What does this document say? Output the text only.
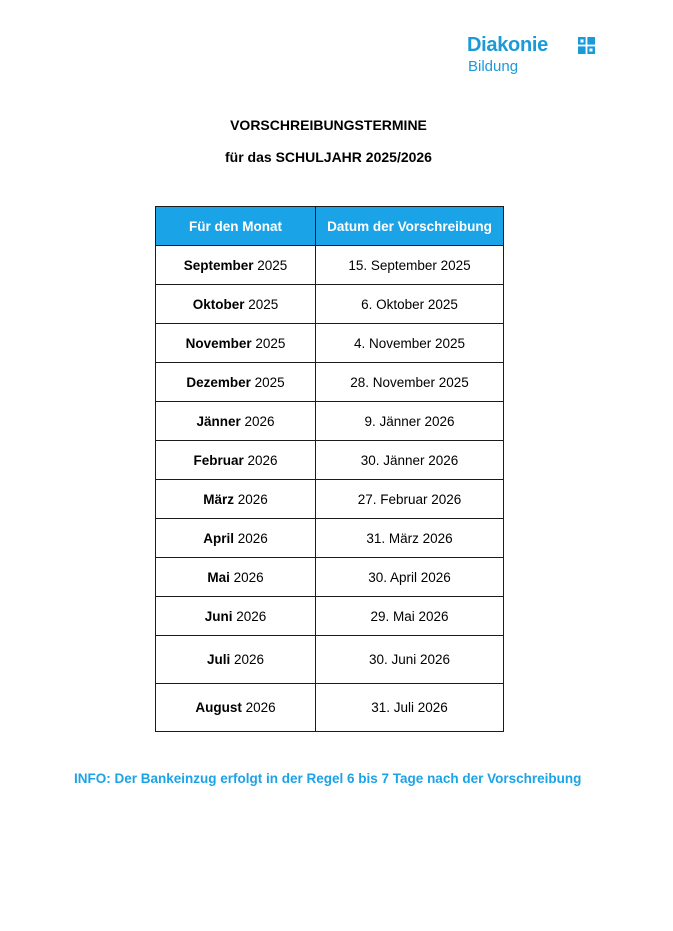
Diakonie
Bildung
VORSCHREIBUNGSTERMINE
für das SCHULJAHR 2025/2026
Für den Monat	Datum der Vorschreibung
September 2025	15. September 2025
Oktober 2025	6. Oktober 2025
November 2025	4. November 2025
Dezember 2025	28. November 2025
Jänner 2026	9. Jänner 2026
Februar 2026	30. Jänner 2026
März 2026	27. Februar 2026
April 2026	31. März 2026
Mai 2026	30. April 2026
Juni 2026	29. Mai 2026
Juli 2026	30. Juni 2026
August 2026	31. Juli 2026
INFO: Der Bankeinzug erfolgt in der Regel 6 bis 7 Tage nach der Vorschreibung
